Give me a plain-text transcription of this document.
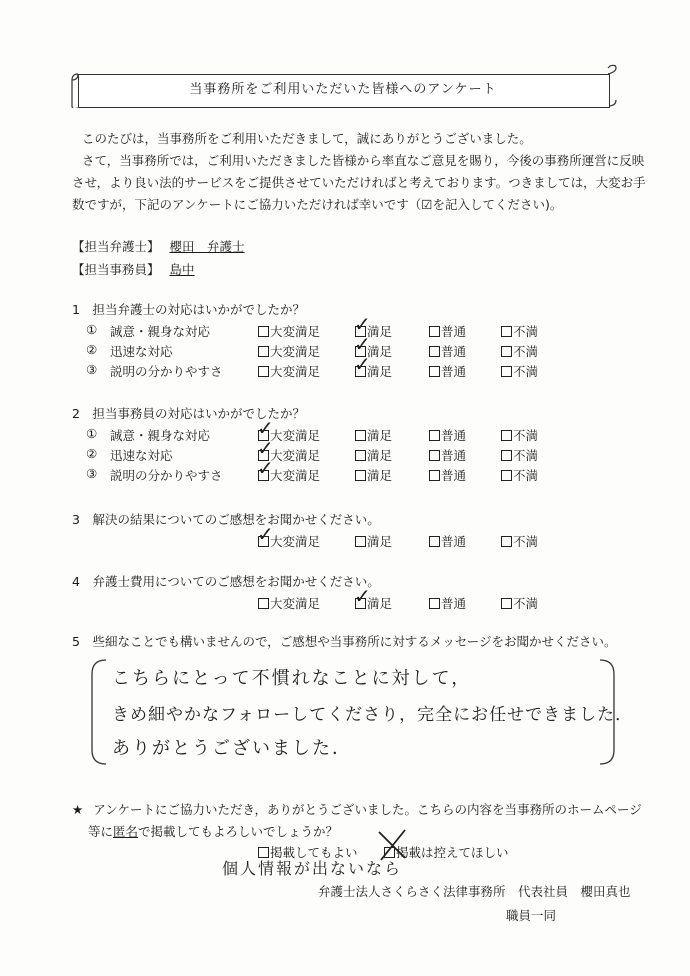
当事務所をご利用いただいた皆様へのアンケート
このたびは，当事務所をご利用いただきまして，誠にありがとうございました。
さて，当事務所では，ご利用いただきました皆様から率直なご意見を賜り，今後の事務所運営に反映
させ，より良い法的サービスをご提供させていただければと考えております。つきましては，大変お手
数ですが，下記のアンケートにご協力いただければ幸いです（☑を記入してください)。
【担当弁護士】 櫻田　弁護士
【担当事務員】 島中
1　担当弁護士の対応はいかがでしたか？
① 誠意・親身な対応	大変満足	満足	普通	不満
✓
② 迅速な対応	大変満足	満足	普通	不満
✓
③ 説明の分かりやすさ	大変満足	満足	普通	不満
✓
2　担当事務員の対応はいかがでしたか？
① 誠意・親身な対応	大変満足	満足	普通	不満
✓
② 迅速な対応	大変満足	満足	普通	不満
✓
③ 説明の分かりやすさ	大変満足	満足	普通	不満
✓
3　解決の結果についてのご感想をお聞かせください。
大変満足	満足	普通	不満
✓
4　弁護士費用についてのご感想をお聞かせください。
大変満足	満足	普通	不満
✓
5　些細なことでも構いませんので，ご感想や当事務所に対するメッセージをお聞かせください。
こちらにとって不慣れなことに対して，
きめ細やかなフォローしてくださり，完全にお任せできました．
ありがとうございました．
★ アンケートにご協力いただき，ありがとうございました。こちらの内容を当事務所のホームページ
等に匿名で掲載してもよろしいでしょうか？
掲載してもよい	掲載は控えてほしい
個人情報が出ないなら
弁護士法人さくらさく法律事務所　代表社員　櫻田真也
職員一同
